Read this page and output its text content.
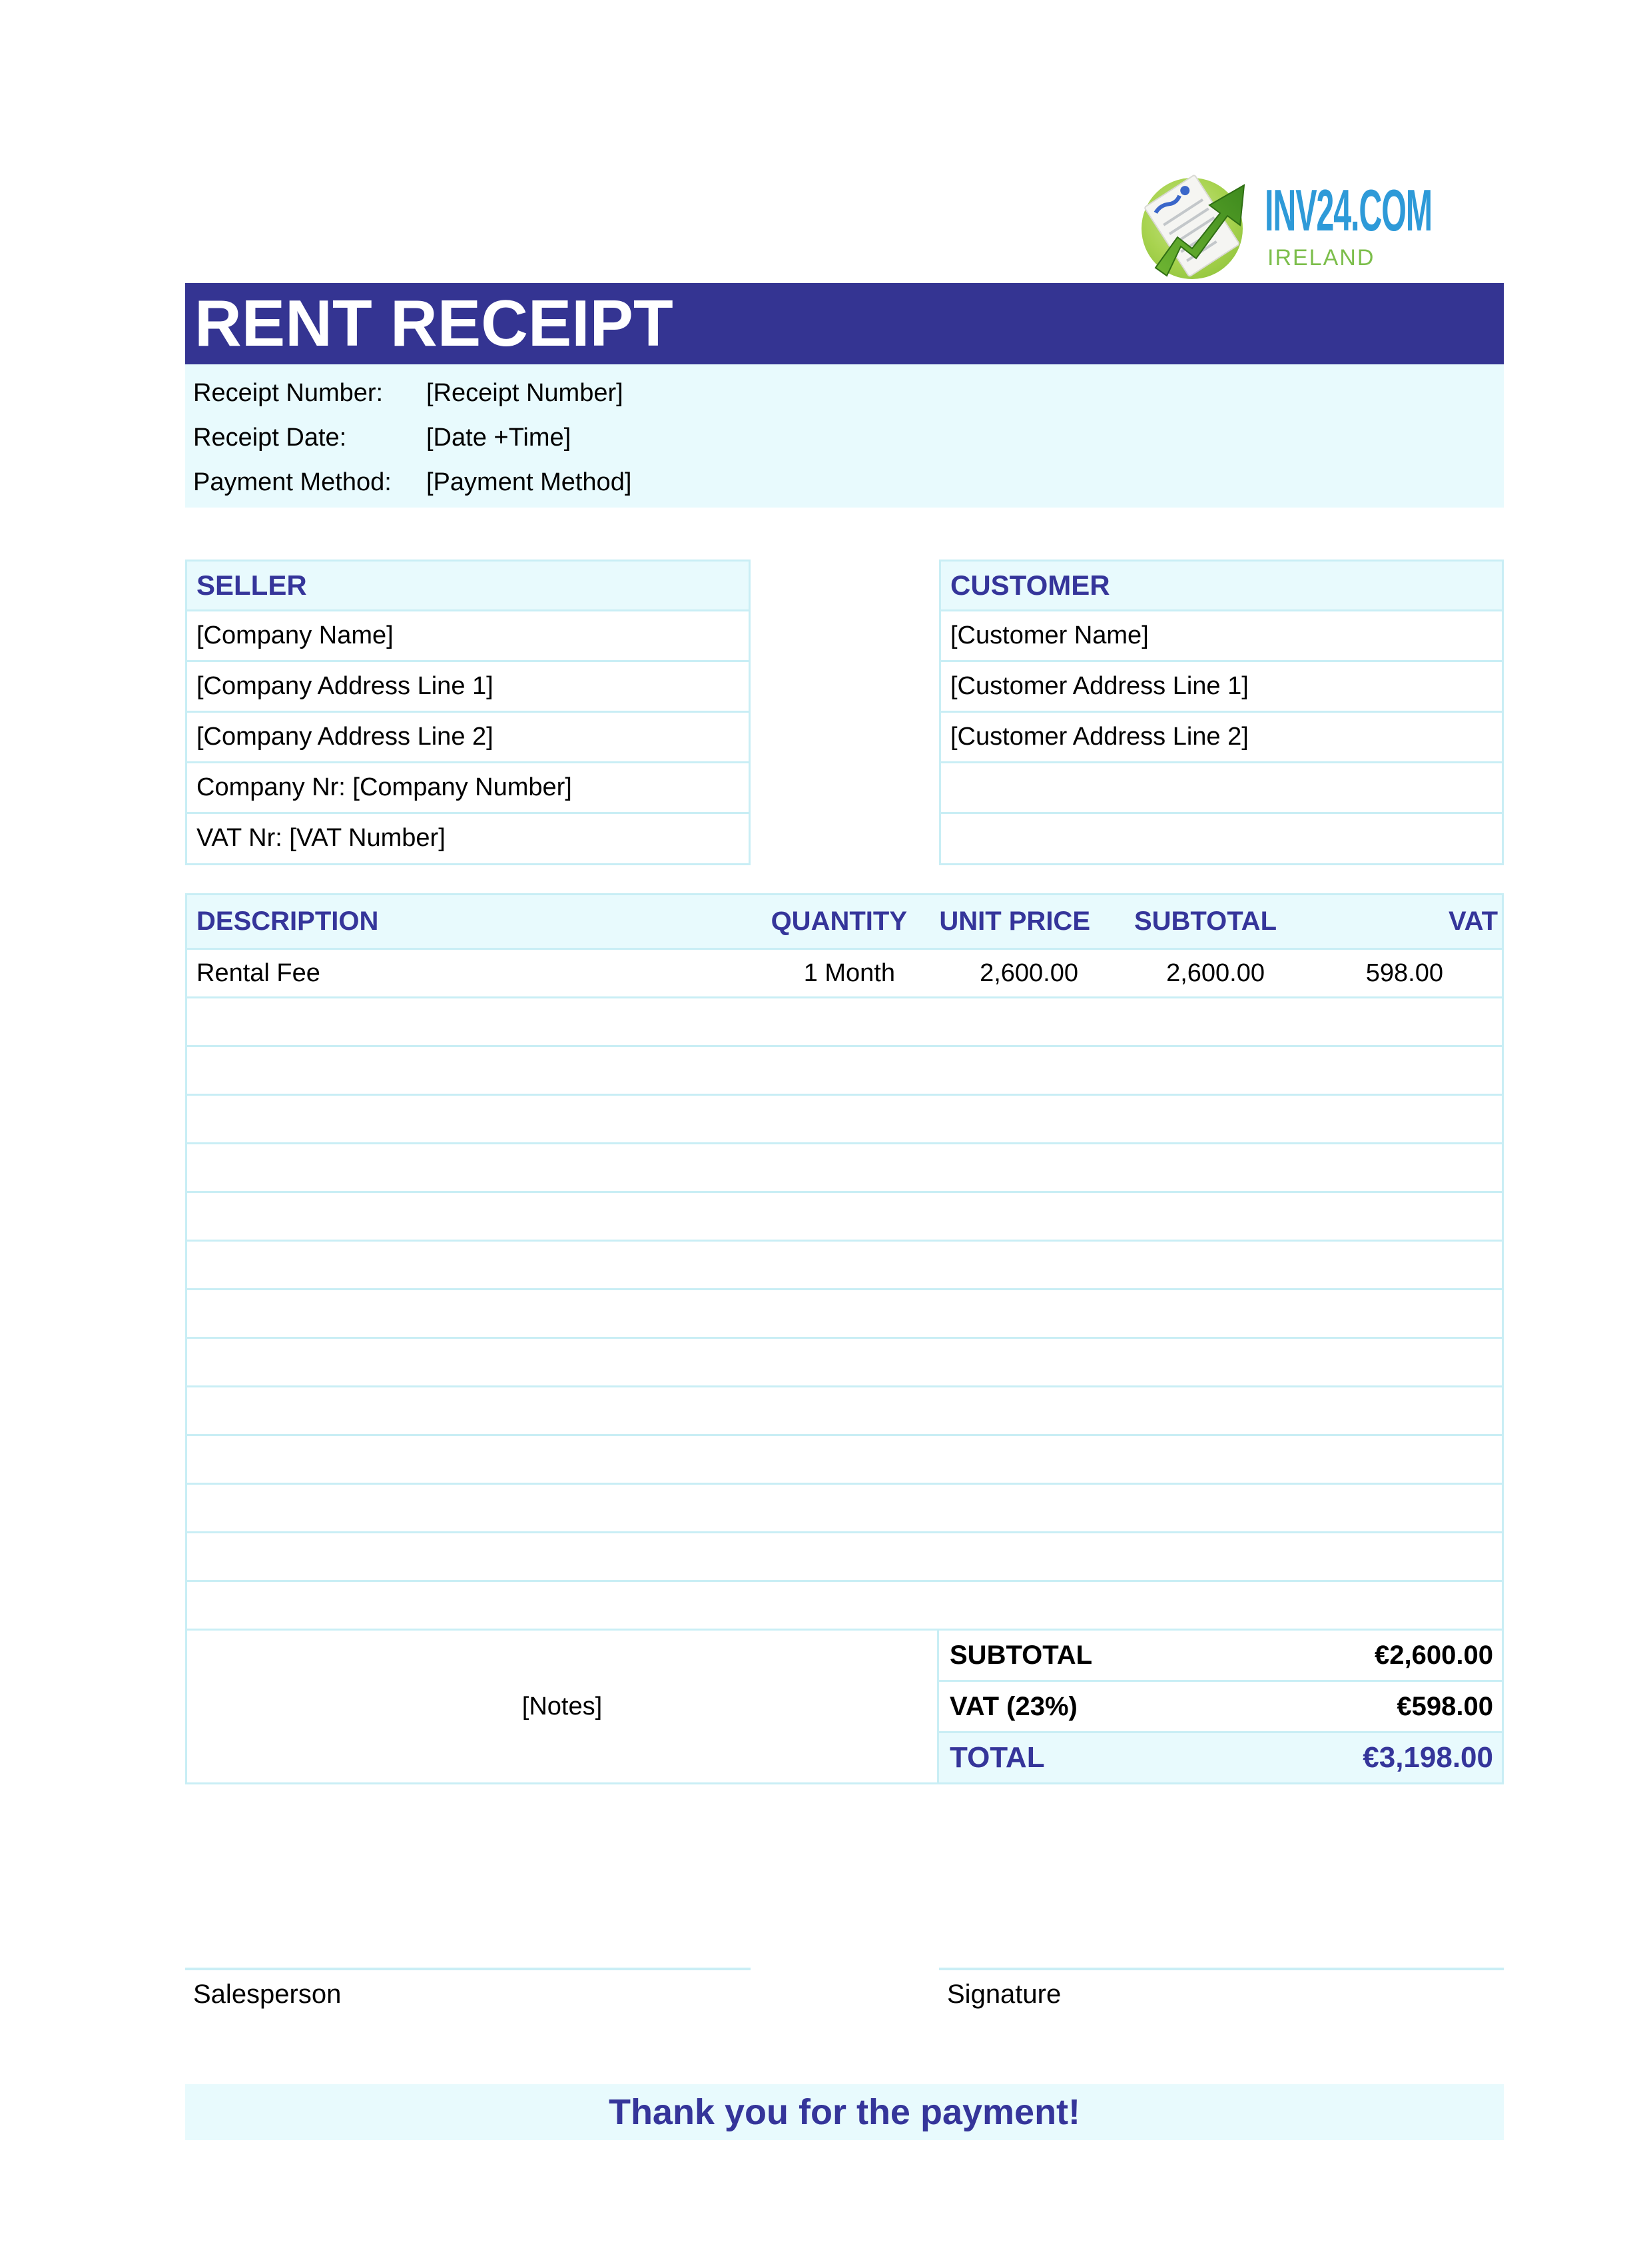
INV24.COM
IRELAND
RENT RECEIPT
Receipt Number: [Receipt Number]
Receipt Date:	[Date +Time]
Payment Method: [Payment Method]
SELLER
[Company Name]
[Company Address Line 1]
[Company Address Line 2]
Company Nr: [Company Number]
VAT Nr: [VAT Number]
CUSTOMER
[Customer Name]
[Customer Address Line 1]
[Customer Address Line 2]
DESCRIPTION	QUANTITY	UNIT PRICE	SUBTOTAL	VAT
Rental Fee	1 Month	2,600.00	2,600.00	598.00
[Notes]
SUBTOTAL	€2,600.00
VAT (23%)	€598.00
TOTAL	€3,198.00
Salesperson	Signature
Thank you for the payment!
